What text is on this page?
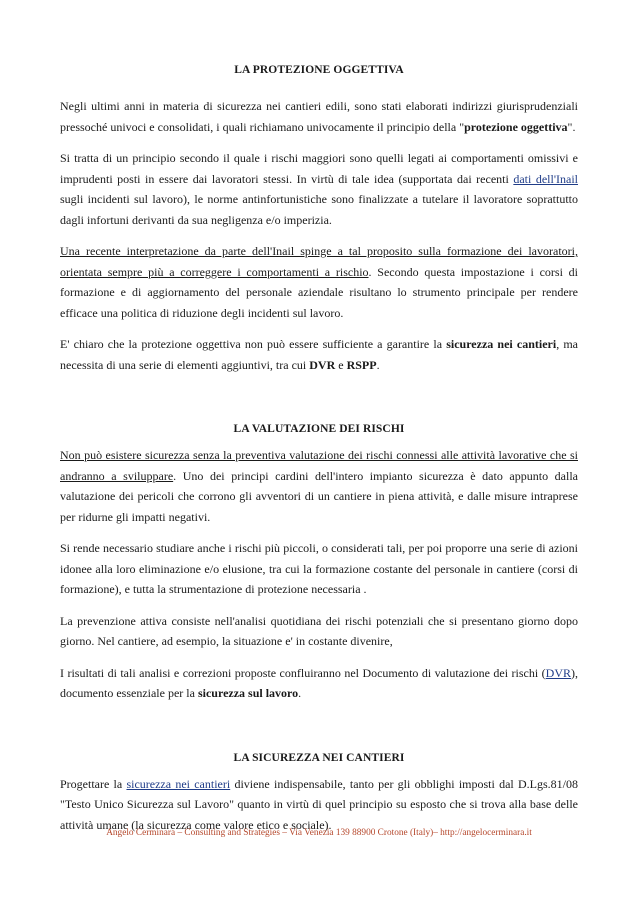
LA PROTEZIONE OGGETTIVA

Negli ultimi anni in materia di sicurezza nei cantieri edili, sono stati elaborati indirizzi giurisprudenziali pressoché univoci e consolidati, i quali richiamano univocamente il principio della "protezione oggettiva".

Si tratta di un principio secondo il quale i rischi maggiori sono quelli legati ai comportamenti omissivi e imprudenti posti in essere dai lavoratori stessi. In virtù di tale idea (supportata dai recenti dati dell'Inail sugli incidenti sul lavoro), le norme antinfortunistiche sono finalizzate a tutelare il lavoratore soprattutto dagli infortuni derivanti da sua negligenza e/o imperizia.

Una recente interpretazione da parte dell'Inail spinge a tal proposito sulla formazione dei lavoratori, orientata sempre più a correggere i comportamenti a rischio. Secondo questa impostazione i corsi di formazione e di aggiornamento del personale aziendale risultano lo strumento principale per rendere efficace una politica di riduzione degli incidenti sul lavoro.

E' chiaro che la protezione oggettiva non può essere sufficiente a garantire la sicurezza nei cantieri, ma necessita di una serie di elementi aggiuntivi, tra cui DVR e RSPP.

LA VALUTAZIONE DEI RISCHI

Non può esistere sicurezza senza la preventiva valutazione dei rischi connessi alle attività lavorative che si andranno a sviluppare. Uno dei principi cardini dell'intero impianto sicurezza è dato appunto dalla valutazione dei pericoli che corrono gli avventori di un cantiere in piena attività, e dalle misure intraprese per ridurne gli impatti negativi.

Si rende necessario studiare anche i rischi più piccoli, o considerati tali, per poi proporre una serie di azioni idonee alla loro eliminazione e/o elusione, tra cui la formazione costante del personale in cantiere (corsi di formazione), e tutta la strumentazione di protezione necessaria .

La prevenzione attiva consiste nell'analisi quotidiana dei rischi potenziali che si presentano giorno dopo giorno. Nel cantiere, ad esempio, la situazione e' in costante divenire,

I risultati di tali analisi e correzioni proposte confluiranno nel Documento di valutazione dei rischi (DVR), documento essenziale per la sicurezza sul lavoro.

LA SICUREZZA NEI CANTIERI

Progettare la sicurezza nei cantieri diviene indispensabile, tanto per gli obblighi imposti dal D.Lgs.81/08 "Testo Unico Sicurezza sul Lavoro" quanto in virtù di quel principio su esposto che si trova alla base delle attività umane (la sicurezza come valore etico e sociale).

Angelo Cerminara – Consulting and Strategies – Via Venezia 139 88900 Crotone (Italy)– http://angelocerminara.it
